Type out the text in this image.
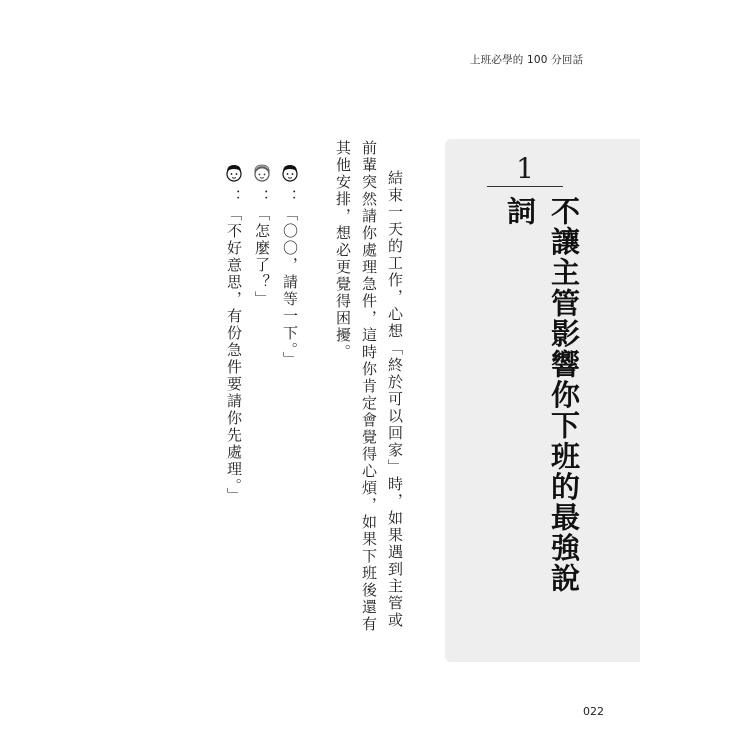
上班必學的 100 分回話
1
不讓主管影響你下班的最強說詞

結束一天的工作，心想「終於可以回家」時，如果遇到主管或前輩突然請你處理急件，這時你肯定會覺得心煩，如果下班後還有其他安排，想必更覺得困擾。

：「〇〇，請等一下。」
：「怎麼了？」
：「不好意思，有份急件要請你先處理。」
022
